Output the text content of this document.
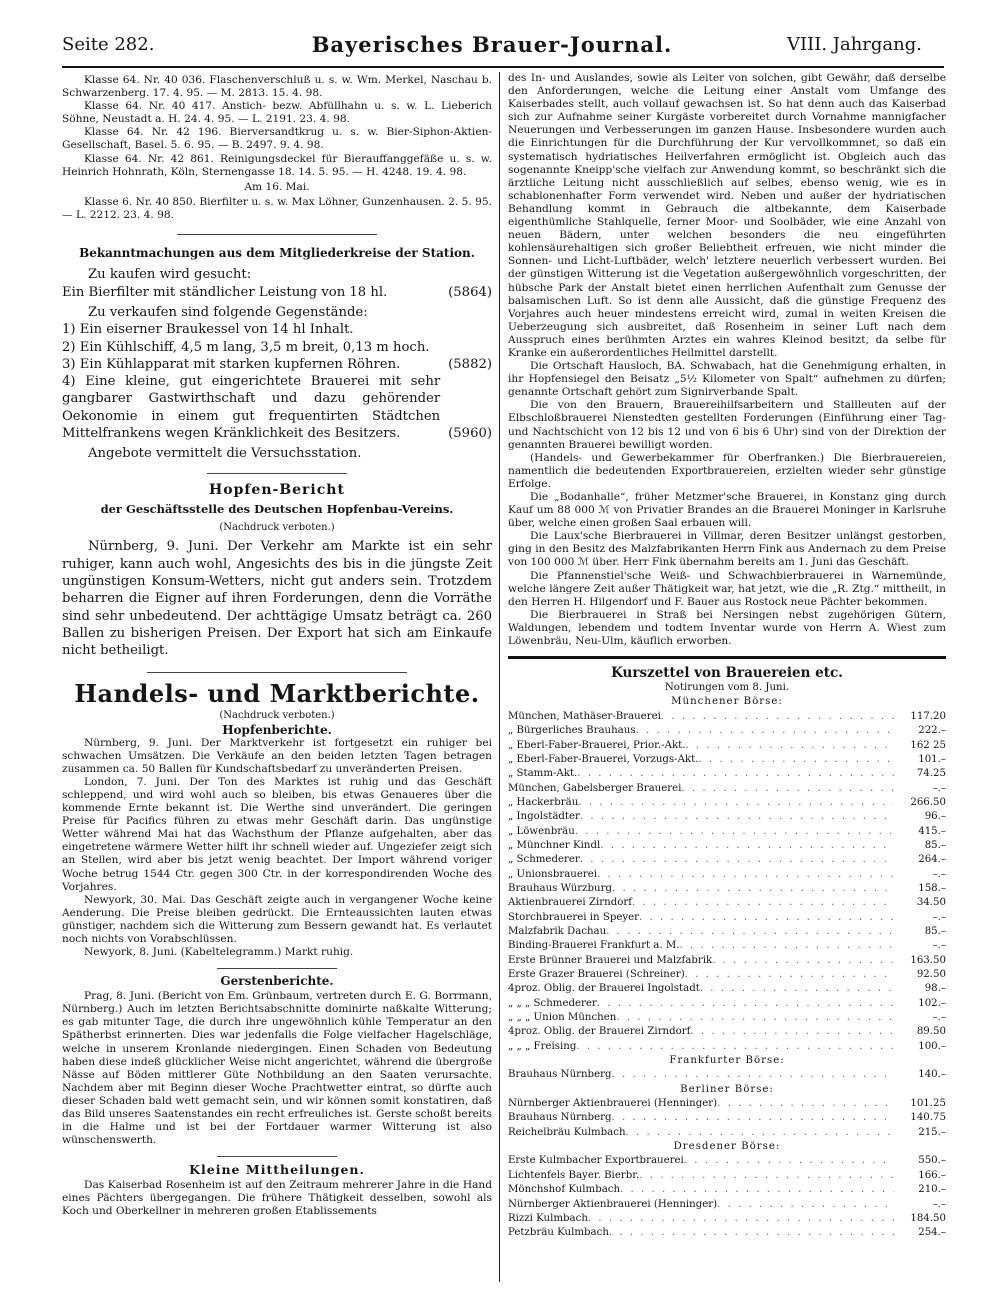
Seite 282.	Bayerisches Brauer-Journal.	VIII. Jahrgang.

Klasse 64. Nr. 40 036. Flaschenverschluß u. s. w. Wm. Merkel, Naschau b. Schwarzenberg. 17. 4. 95. — M. 2813. 15. 4. 98.

Klasse 64. Nr. 40 417. Anstich- bezw. Abfüllhahn u. s. w. L. Lieberich Söhne, Neustadt a. H. 24. 4. 95. — L. 2191. 23. 4. 98.

Klasse 64. Nr. 42 196. Bierversandtkrug u. s. w. Bier-Siphon-Aktien-Gesellschaft, Basel. 5. 6. 95. — B. 2497. 9. 4. 98.

Klasse 64. Nr. 42 861. Reinigungsdeckel für Bierauffanggefäße u. s. w. Heinrich Hohnrath, Köln, Sternengasse 18. 14. 5. 95. — H. 4248. 19. 4. 98.

Am 16. Mai.

Klasse 6. Nr. 40 850. Bierfilter u. s. w. Max Löhner, Gunzenhausen. 2. 5. 95. — L. 2212. 23. 4. 98.

Bekanntmachungen aus dem Mitgliederkreise der Station.

Zu kaufen wird gesucht:

Ein Bierfilter mit ständlicher Leistung von 18 hl.	(5864)

Zu verkaufen sind folgende Gegenstände:

1) Ein eiserner Braukessel von 14 hl Inhalt.
2) Ein Kühlschiff, 4,5 m lang, 3,5 m breit, 0,13 m hoch.
3) Ein Kühlapparat mit starken kupfernen Röhren.	(5882)
4) Eine kleine, gut eingerichtete Brauerei mit sehr gangbarer Gastwirthschaft und dazu gehörender Oekonomie in einem gut frequentirten Städtchen Mittelfrankens wegen Kränklichkeit des Besitzers.	(5960)

Angebote vermittelt die Versuchsstation.

Hopfen-Bericht
der Geschäftsstelle des Deutschen Hopfenbau-Vereins.
(Nachdruck verboten.)

Nürnberg, 9. Juni. Der Verkehr am Markte ist ein sehr ruhiger, kann auch wohl, Angesichts des bis in die jüngste Zeit ungünstigen Konsum-Wetters, nicht gut anders sein. Trotzdem beharren die Eigner auf ihren Forderungen, denn die Vorräthe sind sehr unbedeutend. Der achttägige Umsatz beträgt ca. 260 Ballen zu bisherigen Preisen. Der Export hat sich am Einkaufe nicht betheiligt.

Handels- und Marktberichte.
(Nachdruck verboten.)
Hopfenberichte.

Nürnberg, 9. Juni. Der Marktverkehr ist fortgesetzt ein ruhiger bei schwachen Umsätzen. Die Verkäufe an den beiden letzten Tagen betragen zusammen ca. 50 Ballen für Kundschaftsbedarf zu unveränderten Preisen.

London, 7. Juni. Der Ton des Marktes ist ruhig und das Geschäft schleppend, und wird wohl auch so bleiben, bis etwas Genaueres über die kommende Ernte bekannt ist. Die Werthe sind unverändert. Die geringen Preise für Pacifics führen zu etwas mehr Geschäft darin. Das ungünstige Wetter während Mai hat das Wachsthum der Pflanze aufgehalten, aber das eingetretene wärmere Wetter hilft ihr schnell wieder auf. Ungeziefer zeigt sich an Stellen, wird aber bis jetzt wenig beachtet. Der Import während voriger Woche betrug 1544 Ctr. gegen 300 Ctr. in der korrespondirenden Woche des Vorjahres.

Newyork, 30. Mai. Das Geschäft zeigte auch in vergangener Woche keine Aenderung. Die Preise bleiben gedrückt. Die Ernteaussichten lauten etwas günstiger, nachdem sich die Witterung zum Bessern gewandt hat. Es verlautet noch nichts von Vorabschlüssen.

Newyork, 8. Juni. (Kabeltelegramm.) Markt ruhig.

Gerstenberichte.

Prag, 8. Juni. (Bericht von Em. Grünbaum, vertreten durch E. G. Borrmann, Nürnberg.) Auch im letzten Berichtsabschnitte dominirte naßkalte Witterung; es gab mitunter Tage, die durch ihre ungewöhnlich kühle Temperatur an den Spätherbst erinnerten. Dies war jedenfalls die Folge vielfacher Hagelschläge, welche in unserem Kronlande niedergingen. Einen Schaden von Bedeutung haben diese indeß glücklicher Weise nicht angerichtet, während die übergroße Nässe auf Böden mittlerer Güte Nothbildung an den Saaten verursachte. Nachdem aber mit Beginn dieser Woche Prachtwetter eintrat, so dürfte auch dieser Schaden bald wett gemacht sein, und wir können somit konstatiren, daß das Bild unseres Saatenstandes ein recht erfreuliches ist. Gerste schoßt bereits in die Halme und ist bei der Fortdauer warmer Witterung ist also wünschenswerth.

Kleine Mittheilungen.

Das Kaiserbad Rosenheim ist auf den Zeitraum mehrerer Jahre in die Hand eines Pächters übergegangen. Die frühere Thätigkeit desselben, sowohl als Koch und Oberkellner in mehreren großen Etablissements

des In- und Auslandes, sowie als Leiter von solchen, gibt Gewähr, daß derselbe den Anforderungen, welche die Leitung einer Anstalt vom Umfange des Kaiserbades stellt, auch vollauf gewachsen ist. So hat denn auch das Kaiserbad sich zur Aufnahme seiner Kurgäste vorbereitet durch Vornahme mannigfacher Neuerungen und Verbesserungen im ganzen Hause. Insbesondere wurden auch die Einrichtungen für die Durchführung der Kur vervollkommnet, so daß ein systematisch hydriatisches Heilverfahren ermöglicht ist. Obgleich auch das sogenannte Kneipp'sche vielfach zur Anwendung kommt, so beschränkt sich die ärztliche Leitung nicht ausschließlich auf selbes, ebenso wenig, wie es in schablonenhafter Form verwendet wird. Neben und außer der hydriatischen Behandlung kommt in Gebrauch die altbekannte, dem Kaiserbade eigenthümliche Stahlquelle, ferner Moor- und Soolbäder, wie eine Anzahl von neuen Bädern, unter welchen besonders die neu eingeführten kohlensäurehaltigen sich großer Beliebtheit erfreuen, wie nicht minder die Sonnen- und Licht-Luftbäder, welch' letztere neuerlich verbessert wurden. Bei der günstigen Witterung ist die Vegetation außergewöhnlich vorgeschritten, der hübsche Park der Anstalt bietet einen herrlichen Aufenthalt zum Genusse der balsamischen Luft. So ist denn alle Aussicht, daß die günstige Frequenz des Vorjahres auch heuer mindestens erreicht wird, zumal in weiten Kreisen die Ueberzeugung sich ausbreitet, daß Rosenheim in seiner Luft nach dem Ausspruch eines berühmten Arztes ein wahres Kleinod besitzt, da selbe für Kranke ein außerordentliches Heilmittel darstellt.

Die Ortschaft Hausloch, BA. Schwabach, hat die Genehmigung erhalten, in ihr Hopfensiegel den Beisatz „5½ Kilometer von Spalt“ aufnehmen zu dürfen; genannte Ortschaft gehört zum Signirverbande Spalt.

Die von den Brauern, Brauereihilfsarbeitern und Stallleuten auf der Elbschloßbrauerei Nienstedten gestellten Forderungen (Einführung einer Tag- und Nachtschicht von 12 bis 12 und von 6 bis 6 Uhr) sind von der Direktion der genannten Brauerei bewilligt worden.

(Handels- und Gewerbekammer für Oberfranken.) Die Bierbrauereien, namentlich die bedeutenden Exportbrauereien, erzielten wieder sehr günstige Erfolge.

Die „Bodanhalle“, früher Metzmer'sche Brauerei, in Konstanz ging durch Kauf um 88 000 ℳ von Privatier Brandes an die Brauerei Moninger in Karlsruhe über, welche einen großen Saal erbauen will.

Die Laux'sche Bierbrauerei in Villmar, deren Besitzer unlängst gestorben, ging in den Besitz des Malzfabrikanten Herrn Fink aus Andernach zu dem Preise von 100 000 ℳ über. Herr Fink übernahm bereits am 1. Juni das Geschäft.

Die Pfannenstiel'sche Weiß- und Schwachbierbrauerei in Warnemünde, welche längere Zeit außer Thätigkeit war, hat jetzt, wie die „R. Ztg.“ mittheilt, in den Herren H. Hilgendorf und F. Bauer aus Rostock neue Pächter bekommen.

Die Bierbrauerei in Straß bei Nersingen nebst zugehörigen Gütern, Waldungen, lebendem und todtem Inventar wurde von Herrn A. Wiest zum Löwenbräu, Neu-Ulm, käuflich erworben.

Kurszettel von Brauereien etc.
Notirungen vom 8. Juni.
Münchener Börse:
München, Mathäser-Brauerei . . .	117.20
„ Bürgerliches Brauhaus . . .	222.–
„ Eberl-Faber-Brauerei, Prior.-Akt. . . .	162 25
„ Eberl-Faber-Brauerei, Vorzugs-Akt. . . .	101.–
„ Stamm-Akt. . . .	74.25
München, Gabelsberger Brauerei . . .	–.–
„ Hackerbräu . . .	266.50
„ Ingolstädter . . .	96.–
„ Löwenbräu . . .	415.–
„ Münchner Kindl . . .	85.–
„ Schmederer . . .	264.–
„ Unionsbrauerei . . .	–.–
Brauhaus Würzburg . . .	158.–
Aktienbrauerei Zirndorf . . .	34.50
Storchbrauerei in Speyer . . .	–.–
Malzfabrik Dachau . . .	85.–
Binding-Brauerei Frankfurt a. M. . . .	–.–
Erste Brünner Brauerei und Malzfabrik . . .	163.50
Erste Grazer Brauerei (Schreiner) . . .	92.50
4proz. Oblig. der Brauerei Ingolstadt . . .	98.–
„ „ „ Schmederer . . .	102.–
„ „ „ Union München . . .	–.–
4proz. Oblig. der Brauerei Zirndorf . . .	89.50
„ „ „ Freising . . .	100.–
Frankfurter Börse:
Brauhaus Nürnberg . . .	140.–
Berliner Börse:
Nürnberger Aktienbrauerei (Henninger) . . .	101.25
Brauhaus Nürnberg . . .	140.75
Reichelbräu Kulmbach . . .	215.–
Dresdener Börse:
Erste Kulmbacher Exportbrauerei . . .	550.–
Lichtenfels Bayer. Bierbr. . . .	166.–
Mönchshof Kulmbach . . .	210.–
Nürnberger Aktienbrauerei (Henninger) . . .	–.–
Rizzi Kulmbach . . .	184.50
Petzbräu Kulmbach . . .	254.–
